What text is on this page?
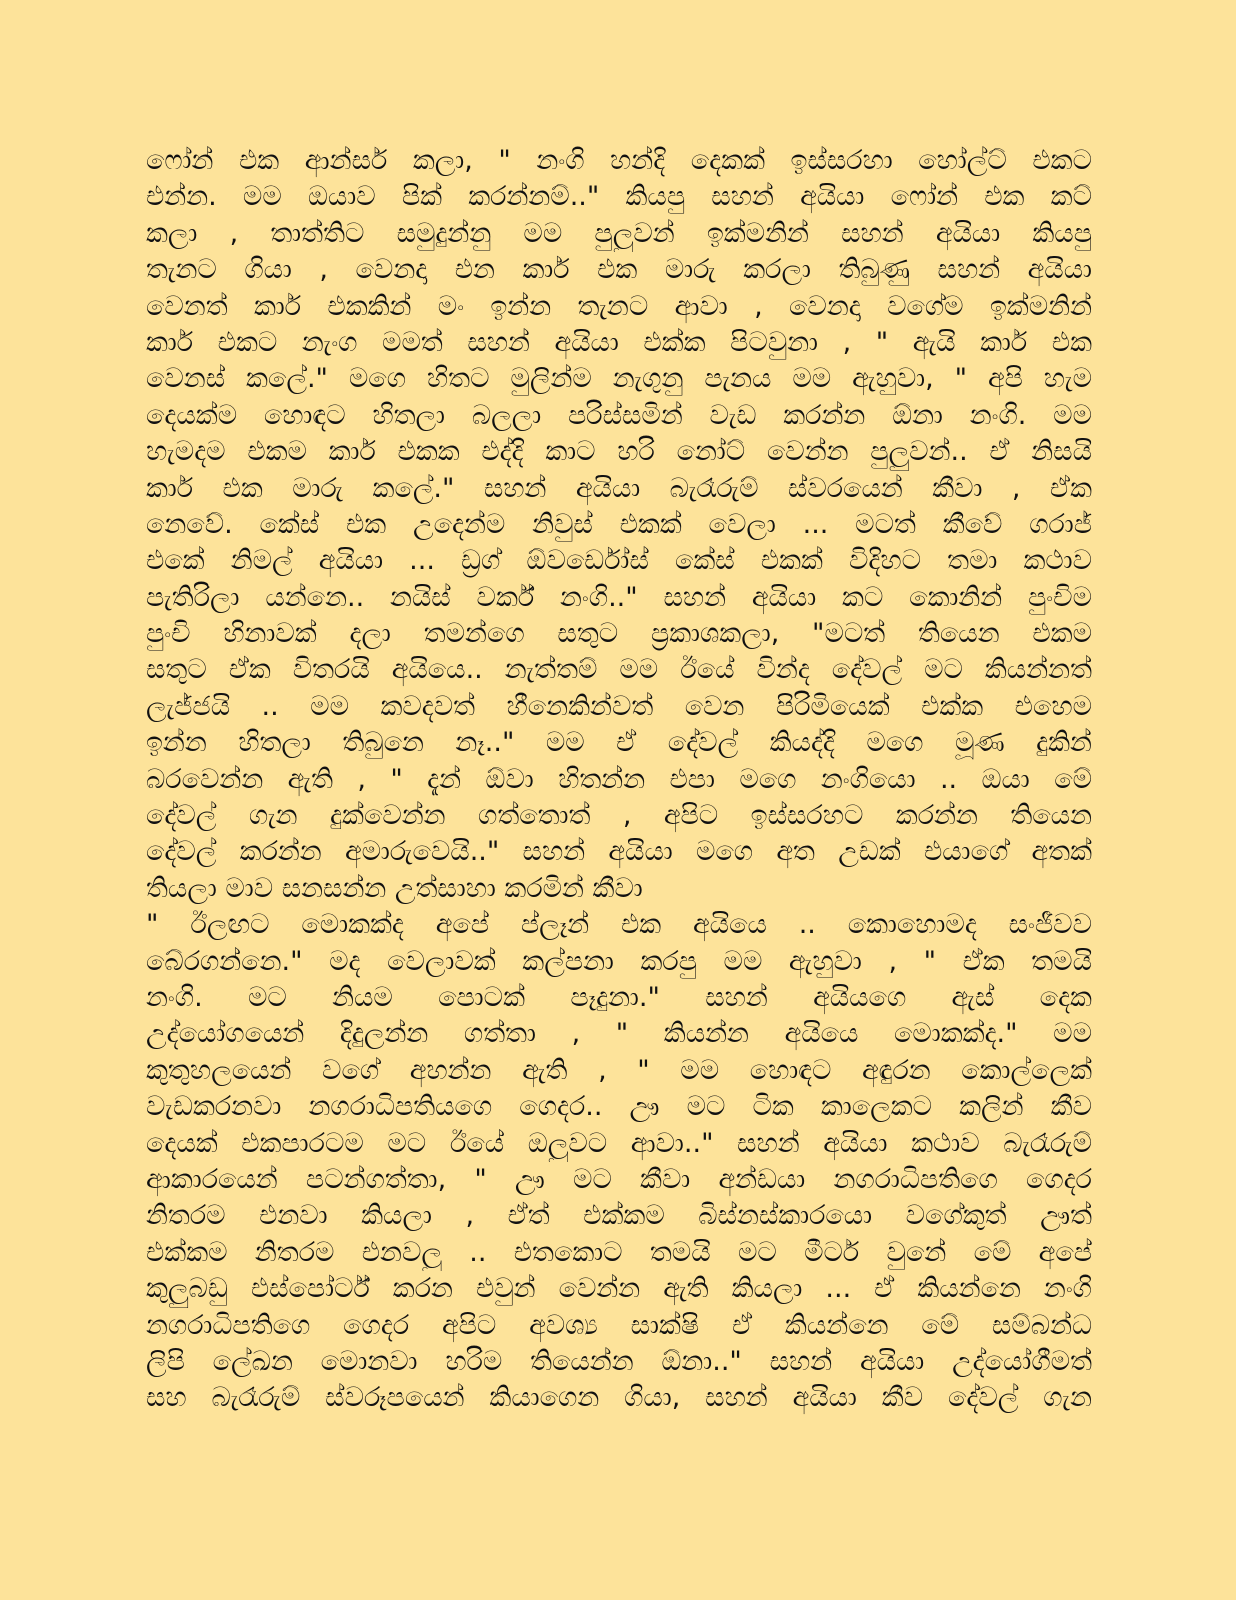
ෆෝන් එක ආන්සර් කලා, " නංගි හන්දි දෙකක් ඉස්සරහා හෝල්ට් එකට
එන්න. මම ඔයාව පික් කරන්නම්.." කියපු සහන් අයියා ෆෝන් එක කට්
කලා , තාත්තිට සමුදුන්නු මම පුලුවන් ඉක්මනින් සහන් අයියා කියපු
තැනට ගියා , වෙනදා එන කාර් එක මාරු කරලා තිබුණු සහන් අයියා
වෙනත් කාර් එකකින් මං ඉන්න තැනට ආවා , වෙනදා වගේම ඉක්මනින්
කාර් එකට නැංග මමත් සහන් අයියා එක්ක පිටවුනා , " ඇයි කාර් එක
වෙනස් කලේ." මගෙ හිතට මුලින්ම නැගුනු පැනය මම ඇහුවා, " අපි හැම
දෙයක්ම හොඳට හිතලා බලලා පරිස්සමින් වැඩ කරන්න ඕනා නංගි. මම
හැමදම එකම කාර් එකක එද්දි කාට හරි නෝට් වෙන්න පුලුවන්.. ඒ නිසයි
කාර් එක මාරු කලේ." සහන් අයියා බැරෑරුම් ස්වරයෙන් කීවා , ඒක
නෙවේ. කේස් එක උදෙන්ම නිවුස් එකක් වෙලා ... මටත් කීවේ ගරාජ්
එකේ නිමල් අයියා ... ඩ්‍රග් ඕවර්ඩෝස් කේස් එකක් විදිහට තමා කථාව
පැතිරිලා යන්නෙ.. නයිස් වර්ක් නංගි.." සහන් අයියා කට කොනින් පුංචිම
පුංචි හිනාවක් දලා තමන්ගෙ සතුට ප්‍රකාශකලා, "මටත් තියෙන එකම
සතුට ඒක විතරයි අයියෙ.. නැත්තම් මම ඊයේ වින්ද දේවල් මට කියන්නත්
ලැජ්ජයි .. මම කවදවත් හීනෙකින්වත් වෙන පිරිමියෙක් එක්ක එහෙම
ඉන්න හිතලා තිබුනෙ නෑ.." මම ඒ දේවල් කියද්දි මගෙ මූණ දුකින්
බරවෙන්න ඇති , " දැන් ඕවා හිතන්න එපා මගෙ නංගියො .. ඔයා මේ
දේවල් ගැන දුක්වෙන්න ගත්තොත් , අපිට ඉස්සරහට කරන්න තියෙන
දේවල් කරන්න අමාරුවෙයි.." සහන් අයියා මගෙ අත උඩක් එයාගේ අතක්
තියලා මාව සනසන්න උත්සාහා කරමින් කීවා
" ඊලඟට මොකක්ද අපේ ප්ලෑන් එක අයියෙ .. කොහොමද සංජීවව
බේරගන්නෙ." මද වෙලාවක් කල්පනා කරපු මම ඇහුවා , " ඒක තමයි
නංගි. මට නියම පොටක් පෑදුනා." සහන් අයියගෙ ඇස් දෙක
උද්යෝගයෙන් දිදුලන්න ගත්තා , " කියන්න අයියෙ මොකක්ද." මම
කුතුහලයෙන් වගේ අහන්න ඇති , " මම හොඳට අඳුරන කොල්ලෙක්
වැඩකරනවා නගරාධිපතියගෙ ගෙදර.. ඌ මට ටික කාලෙකට කලින් කීව
දෙයක් එකපාරටම මට ඊයේ ඔලුවට ආවා.." සහන් අයියා කථාව බැරෑරුම්
ආකාරයෙන් පටන්ගත්තා, " ඌ මට කීවා අන්ඩයා නගරාධිපතිගෙ ගෙදර
නිතරම එනවා කියලා , ඒත් එක්කම බිස්නස්කාරයො වගේකුත් ඌත්
එක්කම නිතරම එනවලු .. එතකොට තමයි මට මීටර් වුනේ මේ අපේ
කුලුබඩු එස්පෝර්ට් කරන එවුන් වෙන්න ඇති කියලා ... ඒ කියන්නෙ නංගි
නගරාධිපතිගෙ ගෙදර අපිට අවශ්‍ය සාක්ෂි ඒ කියන්නෙ මේ සම්බන්ධ
ලිපි ලේඛන මොනවා හරිම තියෙන්න ඕනා.." සහන් අයියා උද්යෝගීමත්
සහ බැරෑරුම් ස්වරූපයෙන් කියාගෙන ගියා, සහන් අයියා කීව දේවල් ගැන
